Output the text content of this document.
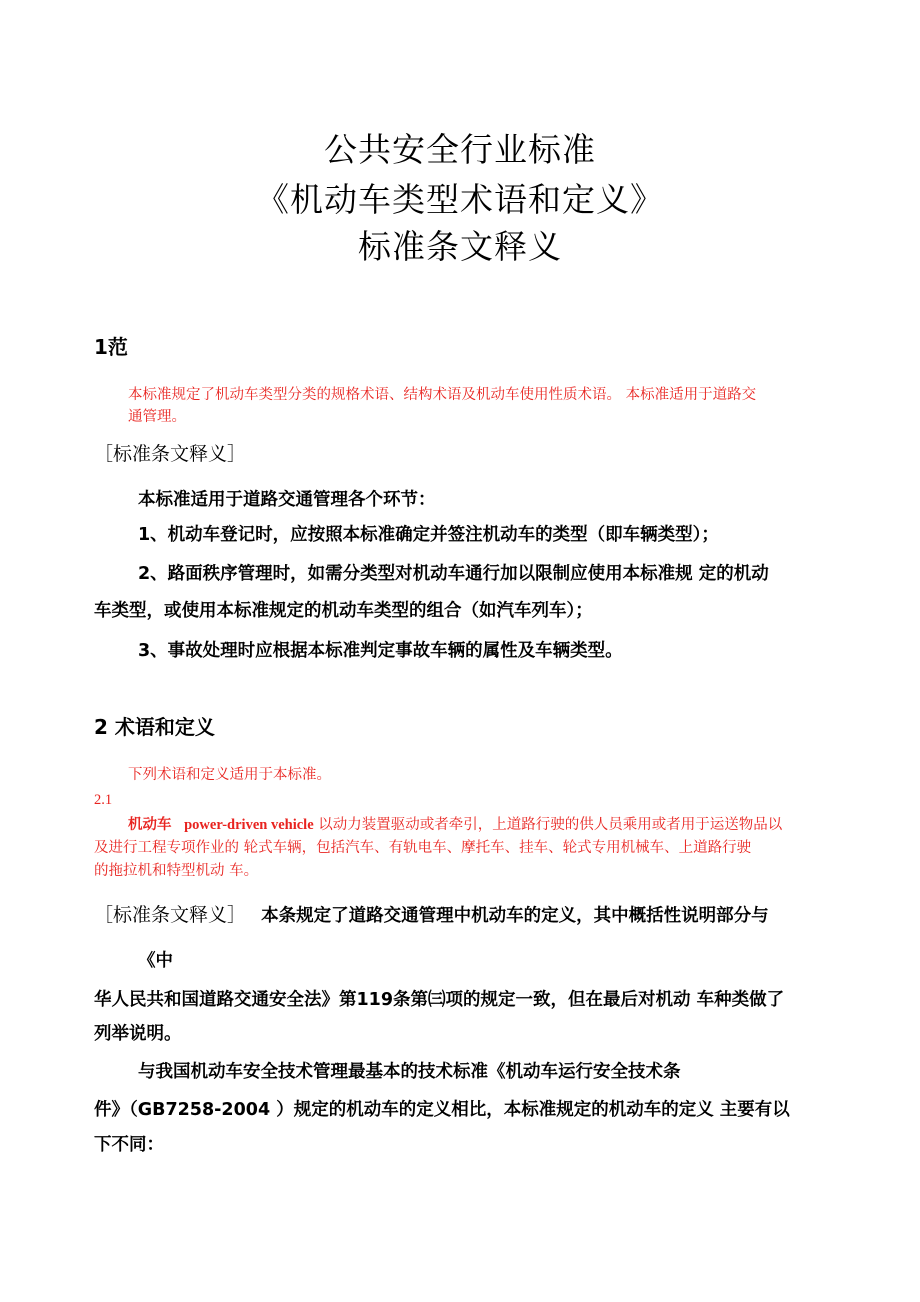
公共安全行业标准
《机动车类型术语和定义》
标准条文释义
1范
本标准规定了机动车类型分类的规格术语、结构术语及机动车使用性质术语。 本标准适用于道路交
通管理。
［标准条文释义］
本标准适用于道路交通管理各个环节：
1、机动车登记时，应按照本标准确定并签注机动车的类型（即车辆类型）；
2、路面秩序管理时，如需分类型对机动车通行加以限制应使用本标准规 定的机动
车类型，或使用本标准规定的机动车类型的组合（如汽车列车）；
3、事故处理时应根据本标准判定事故车辆的属性及车辆类型。
2 术语和定义
下列术语和定义适用于本标准。
2.1
机动车 power-driven vehicle 以动力装置驱动或者牵引，上道路行驶的供人员乘用或者用于运送物品以
及进行工程专项作业的 轮式车辆，包括汽车、有轨电车、摩托车、挂车、轮式专用机械车、上道路行驶
的拖拉机和特型机动 车。
［标准条文释义］ 本条规定了道路交通管理中机动车的定义，其中概括性说明部分与
《中
华人民共和国道路交通安全法》第119条第㈢项的规定一致，但在最后对机动 车种类做了
列举说明。
与我国机动车安全技术管理最基本的技术标准《机动车运行安全技术条
件》（GB7258-2004 ）规定的机动车的定义相比，本标准规定的机动车的定义 主要有以
下不同：
